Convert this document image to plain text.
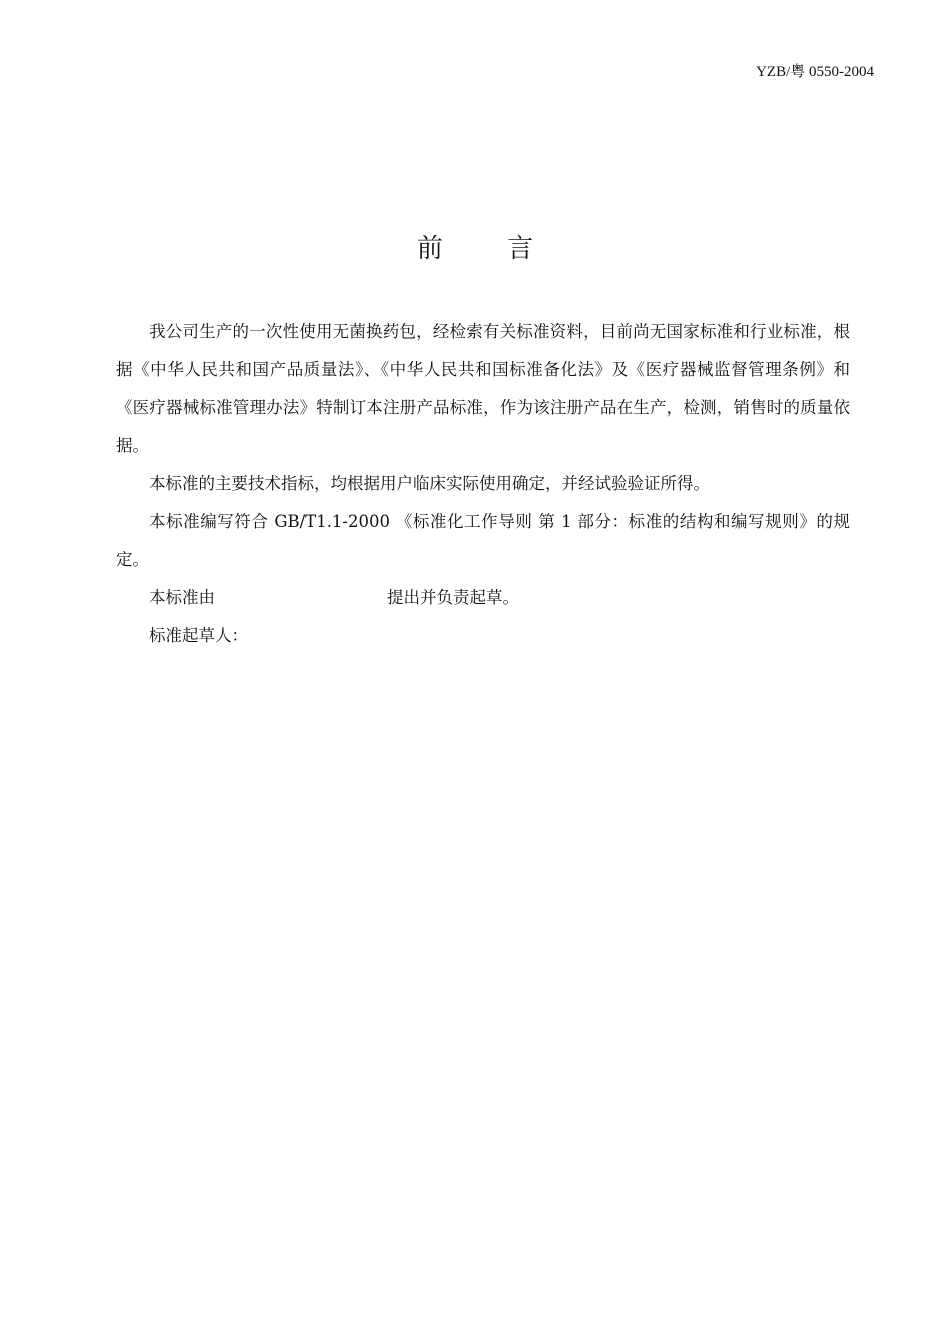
YZB/粤 0550-2004
前 言

我公司生产的一次性使用无菌换药包，经检索有关标准资料，目前尚无国家标准和行业标准，根据《中华人民共和国产品质量法》、《中华人民共和国标准备化法》及《医疗器械监督管理条例》和《医疗器械标准管理办法》特制订本注册产品标准，作为该注册产品在生产，检测，销售时的质量依据。

本标准的主要技术指标，均根据用户临床实际使用确定，并经试验验证所得。

本标准编写符合 GB/T1.1-2000 《标准化工作导则 第 1 部分：标准的结构和编写规则》的规定。

本标准由	提出并负责起草。

标准起草人：
